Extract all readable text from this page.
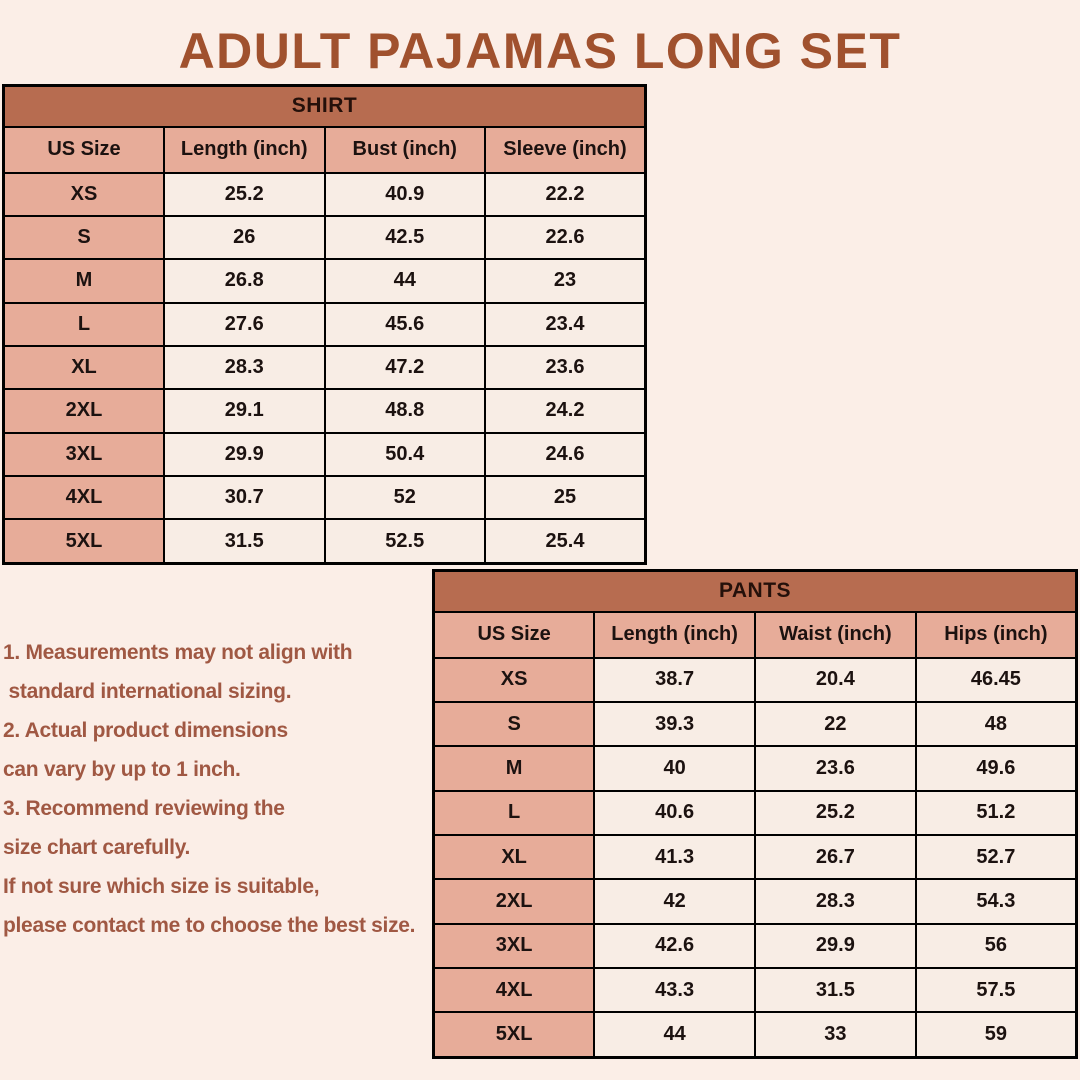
ADULT PAJAMAS LONG SET
SHIRT			
US Size	Length (inch)	Bust (inch)	Sleeve (inch)
XS	25.2	40.9	22.2
S	26	42.5	22.6
M	26.8	44	23
L	27.6	45.6	23.4
XL	28.3	47.2	23.6
2XL	29.1	48.8	24.2
3XL	29.9	50.4	24.6
4XL	30.7	52	25
5XL	31.5	52.5	25.4
PANTS			
US Size	Length (inch)	Waist (inch)	Hips (inch)
XS	38.7	20.4	46.45
S	39.3	22	48
M	40	23.6	49.6
L	40.6	25.2	51.2
XL	41.3	26.7	52.7
2XL	42	28.3	54.3
3XL	42.6	29.9	56
4XL	43.3	31.5	57.5
5XL	44	33	59
1. Measurements may not align with
standard international sizing.
2. Actual product dimensions
can vary by up to 1 inch.
3. Recommend reviewing the
size chart carefully.
If not sure which size is suitable,
please contact me to choose the best size.
